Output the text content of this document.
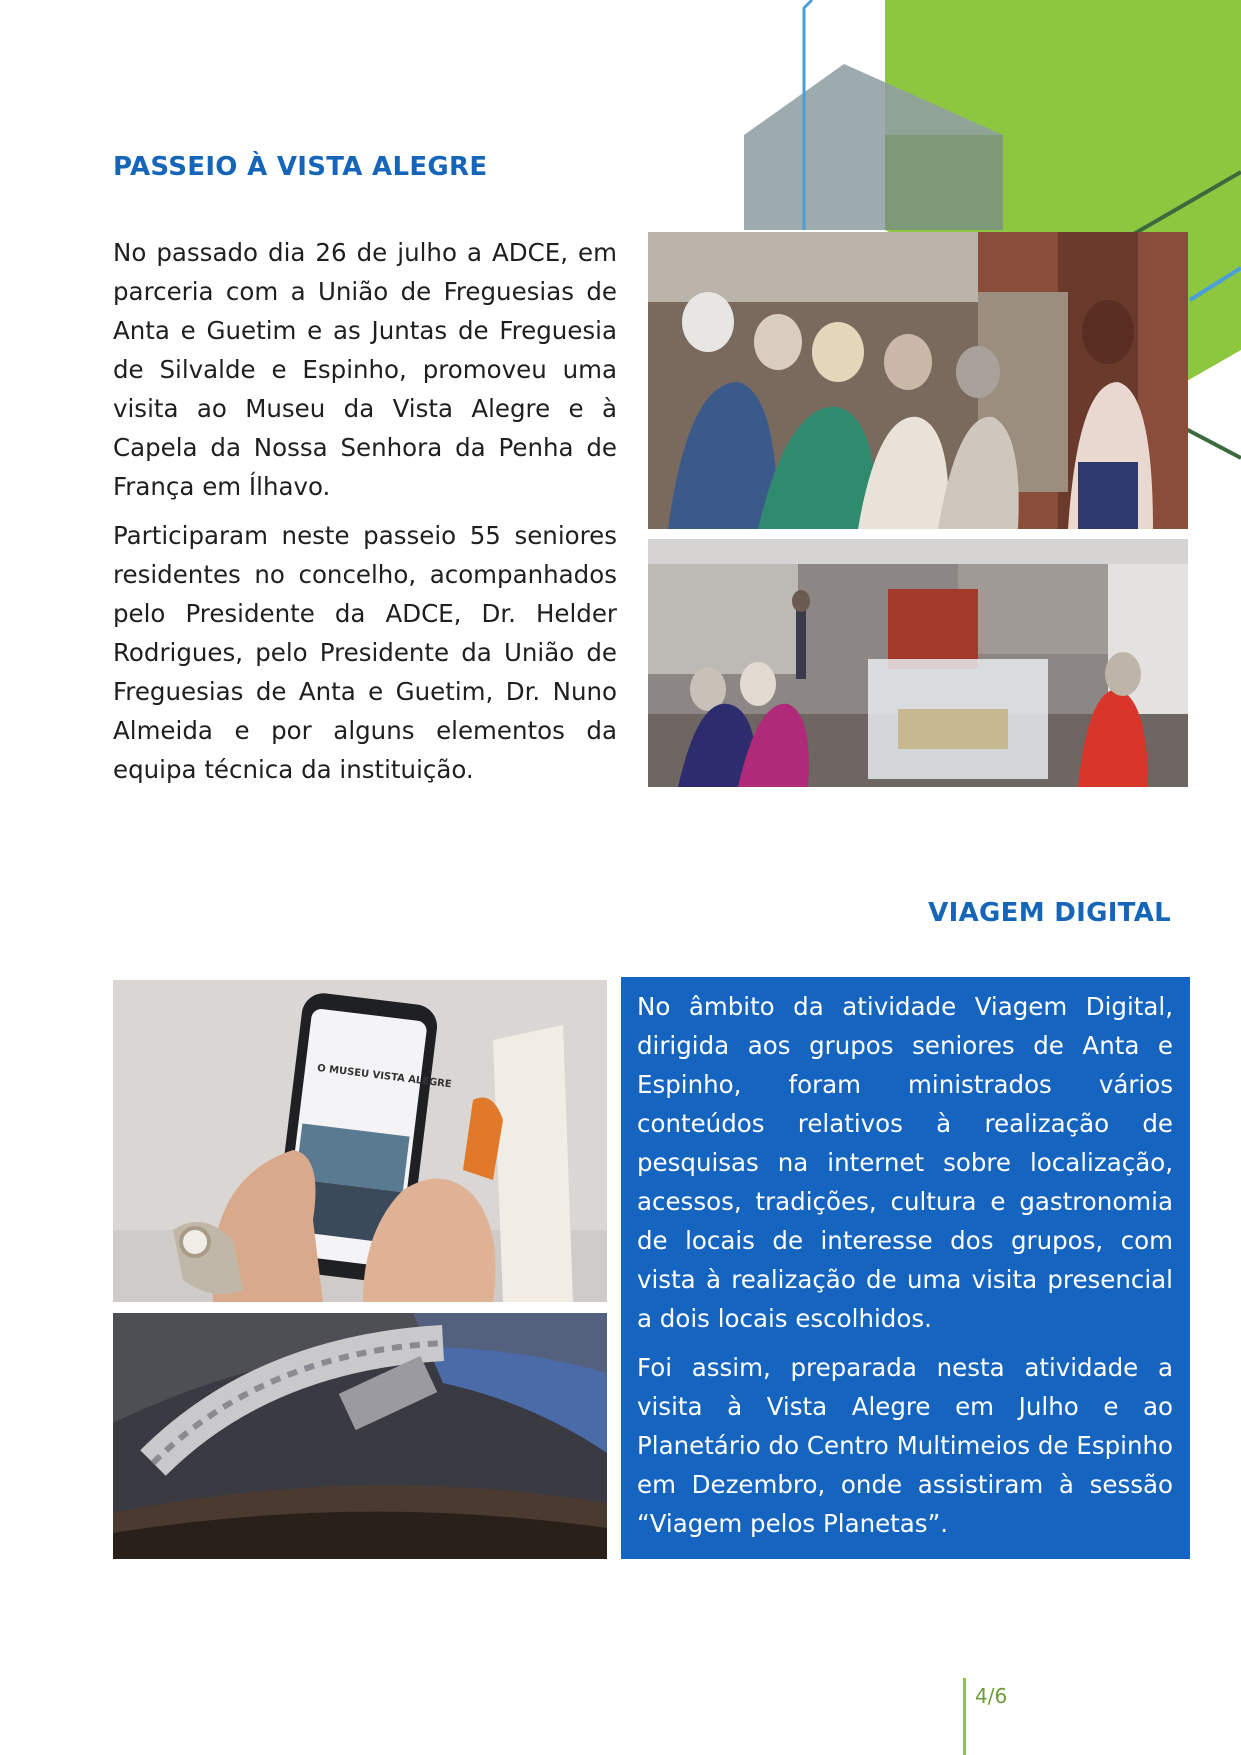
PASSEIO À VISTA ALEGRE

No passado dia 26 de julho a ADCE, em parceria com a União de Freguesias de Anta e Guetim e as Juntas de Freguesia de Silvalde e Espinho, promoveu uma visita ao Museu da Vista Alegre e à Capela da Nossa Senhora da Penha de França em Ílhavo.

Participaram neste passeio 55 seniores residentes no concelho, acompanhados pelo Presidente da ADCE, Dr. Helder Rodrigues, pelo Presidente da União de Freguesias de Anta e Guetim, Dr. Nuno Almeida e por alguns elementos da equipa técnica da instituição.

VIAGEM DIGITAL
O MUSEU VISTA ALEGRE

No âmbito da atividade Viagem Digital, dirigida aos grupos seniores de Anta e Espinho, foram ministrados vários conteúdos relativos à realização de pesquisas na internet sobre localização, acessos, tradições, cultura e gastronomia de locais de interesse dos grupos, com vista à realização de uma visita presencial a dois locais escolhidos.

Foi assim, preparada nesta atividade a visita à Vista Alegre em Julho e ao Planetário do Centro Multimeios de Espinho em Dezembro, onde assistiram à sessão “Viagem pelos Planetas”.

4/6
